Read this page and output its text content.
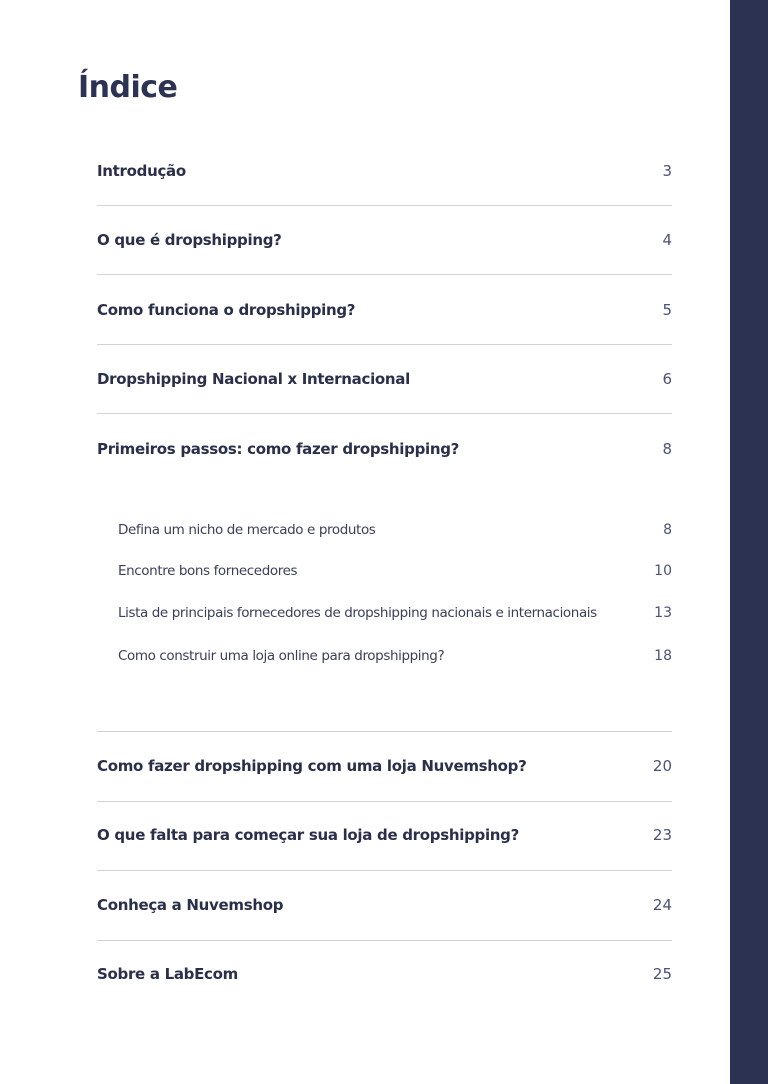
Índice
Introdução	3
O que é dropshipping?	4
Como funciona o dropshipping?	5
Dropshipping Nacional x Internacional	6
Primeiros passos: como fazer dropshipping?	8
Defina um nicho de mercado e produtos	8
Encontre bons fornecedores	10
Lista de principais fornecedores de dropshipping nacionais e internacionais	13
Como construir uma loja online para dropshipping?	18
Como fazer dropshipping com uma loja Nuvemshop?	20
O que falta para começar sua loja de dropshipping?	23
Conheça a Nuvemshop	24
Sobre a LabEcom	25
